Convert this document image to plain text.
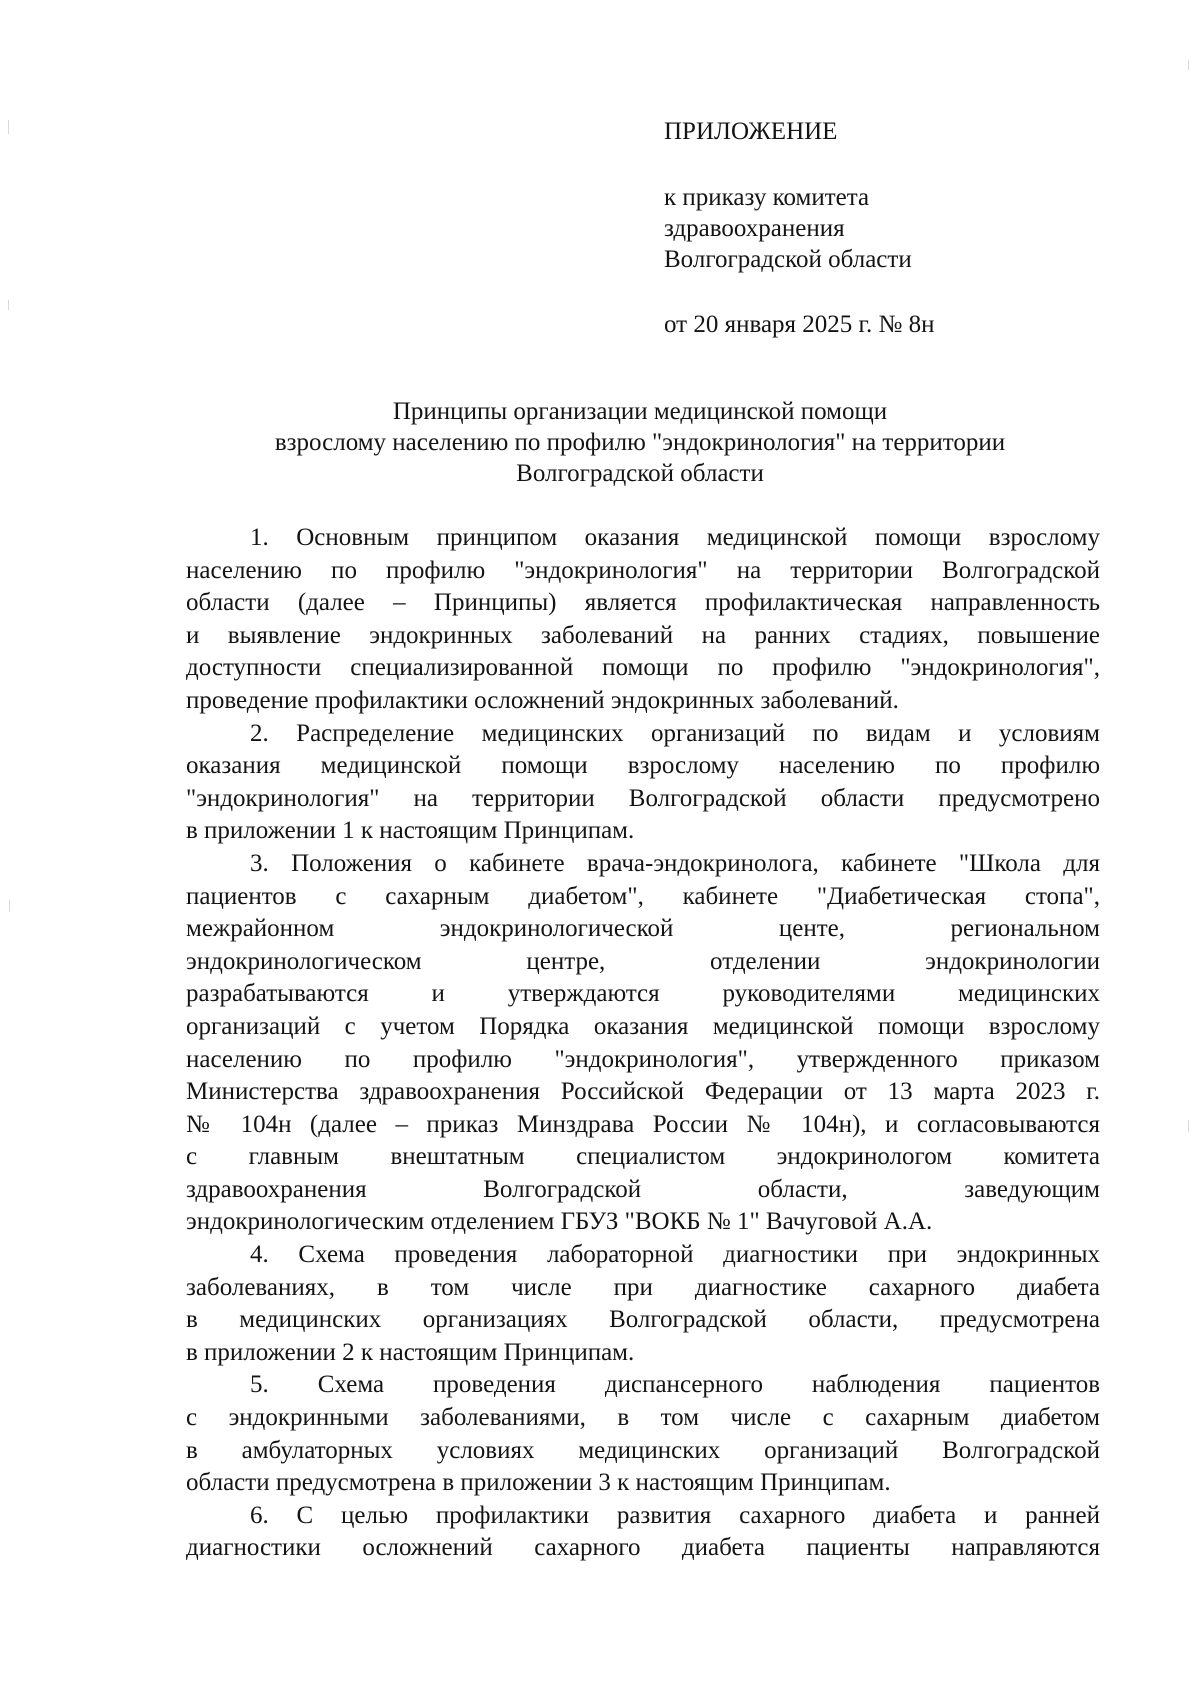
ПРИЛОЖЕНИЕ
к приказу комитета
здравоохранения
Волгоградской области
от 20 января 2025 г. № 8н
Принципы организации медицинской помощи
взрослому населению по профилю "эндокринология" на территории
Волгоградской области

1. Основным принципом оказания медицинской помощи взрослому
населению по профилю "эндокринология" на территории Волгоградской
области (далее – Принципы) является профилактическая направленность
и выявление эндокринных заболеваний на ранних стадиях, повышение
доступности специализированной помощи по профилю "эндокринология",
проведение профилактики осложнений эндокринных заболеваний.

2. Распределение медицинских организаций по видам и условиям
оказания медицинской помощи взрослому населению по профилю
"эндокринология" на территории Волгоградской области предусмотрено
в приложении 1 к настоящим Принципам.

3. Положения о кабинете врача-эндокринолога, кабинете "Школа для
пациентов с сахарным диабетом", кабинете "Диабетическая стопа",
межрайонном эндокринологической центе, региональном
эндокринологическом центре, отделении эндокринологии
разрабатываются и утверждаются руководителями медицинских
организаций с учетом Порядка оказания медицинской помощи взрослому
населению по профилю "эндокринология", утвержденного приказом
Министерства здравоохранения Российской Федерации от 13 марта 2023 г.
№ 104н (далее – приказ Минздрава России № 104н), и согласовываются
с главным внештатным специалистом эндокринологом комитета
здравоохранения Волгоградской области, заведующим
эндокринологическим отделением ГБУЗ "ВОКБ № 1" Вачуговой А.А.

4. Схема проведения лабораторной диагностики при эндокринных
заболеваниях, в том числе при диагностике сахарного диабета
в медицинских организациях Волгоградской области, предусмотрена
в приложении 2 к настоящим Принципам.

5. Схема проведения диспансерного наблюдения пациентов
с эндокринными заболеваниями, в том числе с сахарным диабетом
в амбулаторных условиях медицинских организаций Волгоградской
области предусмотрена в приложении 3 к настоящим Принципам.

6. С целью профилактики развития сахарного диабета и ранней
диагностики осложнений сахарного диабета пациенты направляются
